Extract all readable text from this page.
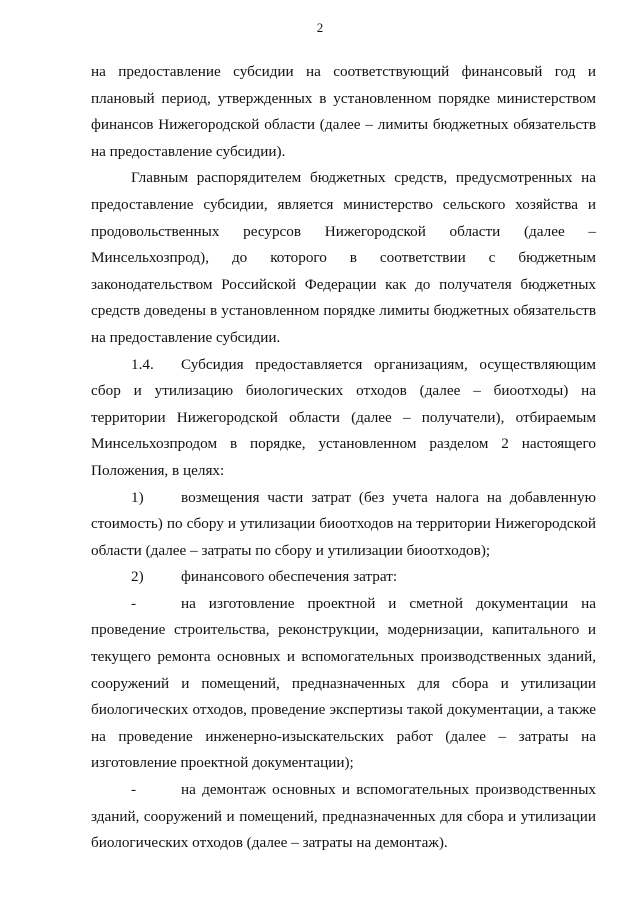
2

на предоставление субсидии на соответствующий финансовый год и плановый период, утвержденных в установленном порядке министерством финансов Нижегородской области (далее – лимиты бюджетных обязательств на предоставление субсидии).

Главным распорядителем бюджетных средств, предусмотренных на предоставление субсидии, является министерство сельского хозяйства и продовольственных ресурсов Нижегородской области (далее – Минсельхозпрод), до которого в соответствии с бюджетным законодательством Российской Федерации как до получателя бюджетных средств доведены в установленном порядке лимиты бюджетных обязательств на предоставление субсидии.

1.4. Субсидия предоставляется организациям, осуществляющим сбор и утилизацию биологических отходов (далее – биоотходы) на территории Нижегородской области (далее – получатели), отбираемым Минсельхозпродом в порядке, установленном разделом 2 настоящего Положения, в целях:

1) возмещения части затрат (без учета налога на добавленную стоимость) по сбору и утилизации биоотходов на территории Нижегородской области (далее – затраты по сбору и утилизации биоотходов);

2) финансового обеспечения затрат:

-	на изготовление проектной и сметной документации на проведение строительства, реконструкции, модернизации, капитального и текущего ремонта основных и вспомогательных производственных зданий, сооружений и помещений, предназначенных для сбора и утилизации биологических отходов, проведение экспертизы такой документации, а также на проведение инженерно-изыскательских работ (далее – затраты на изготовление проектной документации);

-	на демонтаж основных и вспомогательных производственных зданий, сооружений и помещений, предназначенных для сбора и утилизации биологических отходов (далее – затраты на демонтаж).
